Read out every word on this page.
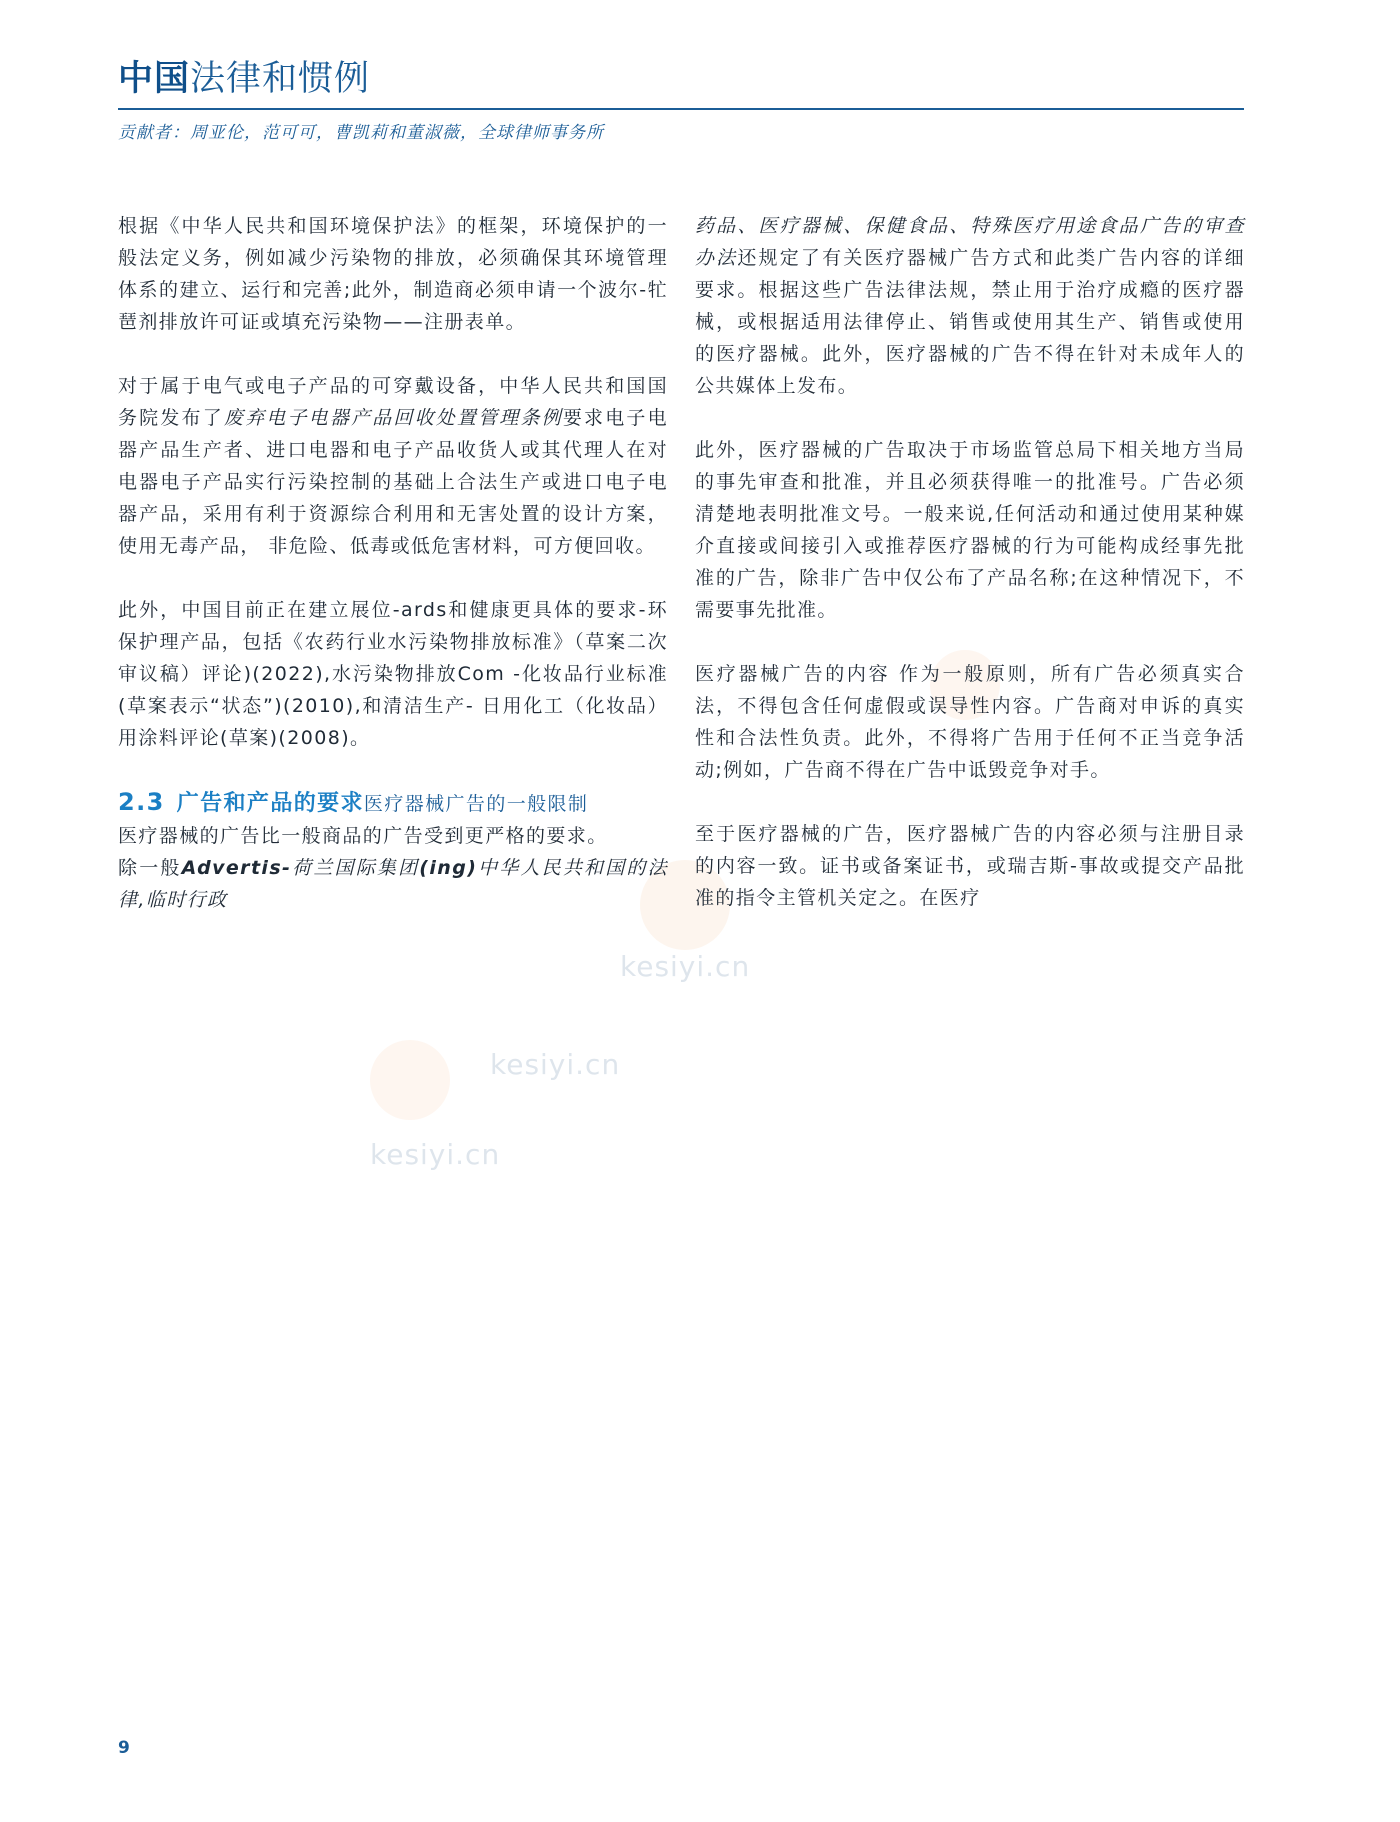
kesiyi.cn
kesiyi.cn
kesiyi.cn
中国法律和惯例
贡献者：周亚伦，范可可，曹凯莉和董淑薇，全球律师事务所

根据《中华人民共和国环境保护法》的框架，环境保护的一般法定义务，例如减少污染物的排放，必须确保其环境管理体系的建立、运行和完善;此外，制造商必须申请一个波尔-牤琶剂排放许可证或填充污染物——注册表单。

对于属于电气或电子产品的可穿戴设备，中华人民共和国国务院发布了废弃电子电器产品回收处置管理条例要求电子电器产品生产者、进口电器和电子产品收货人或其代理人在对电器电子产品实行污染控制的基础上合法生产或进口电子电器产品，采用有利于资源综合利用和无害处置的设计方案，使用无毒产品， 非危险、低毒或低危害材料，可方便回收。

此外，中国目前正在建立展位-ards和健康更具体的要求-环保护理产品，包括《农药行业水污染物排放标准》（草案二次审议稿）评论)(2022),水污染物排放Com -化妆品行业标准(草案表示“状态”)(2010),和清洁生产- 日用化工（化妆品）用涂料评论(草案)(2008)。

2.3 广告和产品的要求医疗器械广告的一般限制

医疗器械的广告比一般商品的广告受到更严格的要求。

除一般Advertis-荷兰国际集团(ing)中华人民共和国的法律,临时行政

药品、医疗器械、保健食品、特殊医疗用途食品广告的审查办法还规定了有关医疗器械广告方式和此类广告内容的详细要求。根据这些广告法律法规，禁止用于治疗成瘾的医疗器械，或根据适用法律停止、销售或使用其生产、销售或使用的医疗器械。此外，医疗器械的广告不得在针对未成年人的公共媒体上发布。

此外，医疗器械的广告取决于市场监管总局下相关地方当局的事先审查和批准，并且必须获得唯一的批准号。广告必须清楚地表明批准文号。一般来说,任何活动和通过使用某种媒介直接或间接引入或推荐医疗器械的行为可能构成经事先批准的广告，除非广告中仅公布了产品名称;在这种情况下，不需要事先批准。

医疗器械广告的内容 作为一般原则，所有广告必须真实合法，不得包含任何虚假或误导性内容。广告商对申诉的真实性和合法性负责。此外，不得将广告用于任何不正当竞争活动;例如，广告商不得在广告中诋毁竞争对手。

至于医疗器械的广告，医疗器械广告的内容必须与注册目录的内容一致。证书或备案证书，或瑞吉斯-事故或提交产品批准的指令主管机关定之。在医疗

9
